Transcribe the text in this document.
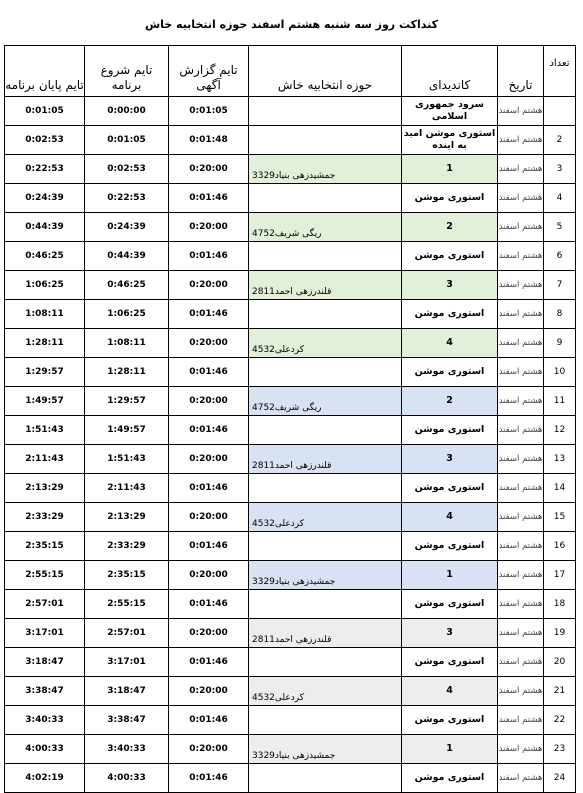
کنداکت روز سه شنبه هشتم اسفند حوزه انتخابیه خاش
تعداد	تاریخ	کاندیدای	حوزه انتخابیه خاش	تایم گزارش آگهی	تایم شروع برنامه	تایم پایان برنامه
	هشتم اسفند	سرود جمهوری اسلامی		0:01:05	0:00:00	0:01:05
2	هشتم اسفند	استوری موشن امید به اینده		0:01:48	0:01:05	0:02:53
3	هشتم اسفند	1	جمشیدزهی بنیاد3329	0:20:00	0:02:53	0:22:53
4	هشتم اسفند	استوری موشن		0:01:46	0:22:53	0:24:39
5	هشتم اسفند	2	ریگی شریف4752	0:20:00	0:24:39	0:44:39
6	هشتم اسفند	استوری موشن		0:01:46	0:44:39	0:46:25
7	هشتم اسفند	3	قلندرزهی احمد2811	0:20:00	0:46:25	1:06:25
8	هشتم اسفند	استوری موشن		0:01:46	1:06:25	1:08:11
9	هشتم اسفند	4	کردعلی4532	0:20:00	1:08:11	1:28:11
10	هشتم اسفند	استوری موشن		0:01:46	1:28:11	1:29:57
11	هشتم اسفند	2	ریگی شریف4752	0:20:00	1:29:57	1:49:57
12	هشتم اسفند	استوری موشن		0:01:46	1:49:57	1:51:43
13	هشتم اسفند	3	قلندرزهی احمد2811	0:20:00	1:51:43	2:11:43
14	هشتم اسفند	استوری موشن		0:01:46	2:11:43	2:13:29
15	هشتم اسفند	4	کردعلی4532	0:20:00	2:13:29	2:33:29
16	هشتم اسفند	استوری موشن		0:01:46	2:33:29	2:35:15
17	هشتم اسفند	1	جمشیدزهی بنیاد3329	0:20:00	2:35:15	2:55:15
18	هشتم اسفند	استوری موشن		0:01:46	2:55:15	2:57:01
19	هشتم اسفند	3	قلندرزهی احمد2811	0:20:00	2:57:01	3:17:01
20	هشتم اسفند	استوری موشن		0:01:46	3:17:01	3:18:47
21	هشتم اسفند	4	کردعلی4532	0:20:00	3:18:47	3:38:47
22	هشتم اسفند	استوری موشن		0:01:46	3:38:47	3:40:33
23	هشتم اسفند	1	جمشیدزهی بنیاد3329	0:20:00	3:40:33	4:00:33
24	هشتم اسفند	استوری موشن		0:01:46	4:00:33	4:02:19
